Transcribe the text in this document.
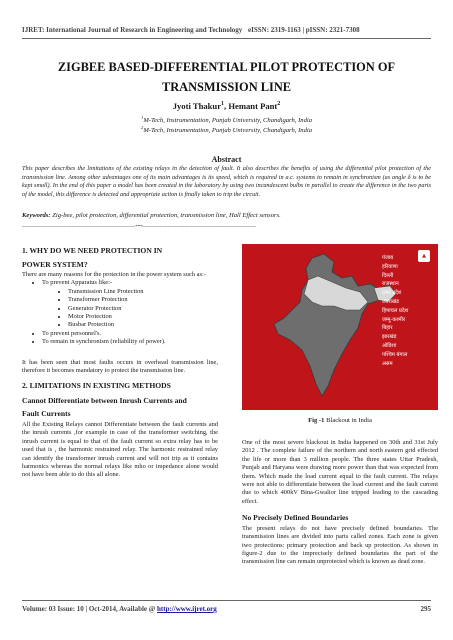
IJRET: International Journal of Research in Engineering and Technology eISSN: 2319-1163 | pISSN: 2321-7308
ZIGBEE BASED-DIFFERENTIAL PILOT PROTECTION OF
TRANSMISSION LINE
Jyoti Thakur$^1$, Hemant Pant$^2$
$^1$M-Tech, Instrumentation, Punjab University, Chandigarh, India
$^2$M-Tech, Instrumentation, Punjab University, Chandigarh, India
Abstract
This paper describes the limitations of the existing relays in the detection of fault. It also describes the benefits of using the differential pilot protection of the transmission line. Among other advantages one of its main advantages is its speed, which is required in a.c. systems to remain in synchronism (as angle δ is to be kept small). In the end of this paper a model has been created in the laboratory by using two incandescent bulbs in parallel to create the difference in the two parts of the model, this difference is detected and appropriate action is finally taken to trip the circuit.
Keywords: Zig-bee, pilot protection, differential protection, transmission line, Hall Effect sensors.
--------------------------------------------------------------------***--------------------------------------------------------------------

1. WHY DO WE NEED PROTECTION IN
POWER SYSTEM?

There are many reasons for the protection in the power system such as:-

• To prevent Apparatus like:-
• Transmission Line Protection
• Transformer Protection
• Generator Protection
• Motor Protection
• Busbar Protection
• To prevent personnel's.
• To remain in synchronism (reliability of power).

It has been seen that most faults occurs in overhead transmission line, therefore it becomes mandatory to protect the transmission line.

2. LIMITATIONS IN EXISTING METHODS

Cannot Differentiate between Inrush Currents and
Fault Currents

All the Existing Relays cannot Differentiate between the fault currents and the inrush currents ,for example in case of the transformer switching, the inrush current is equal to that of the fault current so extra relay has to be used that is , the harmonic restrained relay. The harmonic restrained relay can identify the transformer inrush current and will not trip as it contains harmonics whereas the normal relays like mho or impedance alone would not have been able to do this all alone.

▲
पंजाब
हरियाणा
दिल्ली
राजस्थान
उत्तर प्रदेश
उत्तराखंड
हिमाचल प्रदेश
जम्मू-कश्मीर
बिहार
झारखंड
ओडिशा
पश्चिम बंगाल
असम
Fig -1 Blackout in India

One of the most severe blackout in India happened on 30th and 31st July 2012 . The complete failure of the northern and north eastern grid effected the life or more than 3 million people. The three states Uttar Pradesh, Punjab and Haryana were drawing more power than that was expected from them. Which made the load current equal to the fault current. The relays were not able to differentiate between the load current and the fault current due to which 400kV Bina-Gwalior line tripped leading to the cascading effect.

No Precisely Defined Boundaries

The present relays do not have precisely defined boundaries. The transmission lines are divided into parts called zones. Each zone is given two protections: primary protection and back up protection. As shown in figure-2 due to the imprecisely defined boundaries the part of the transmission line can remain unprotected which is known as dead zone.

Volume: 03 Issue: 10 | Oct-2014, Available @ http://www.ijret.org	295
